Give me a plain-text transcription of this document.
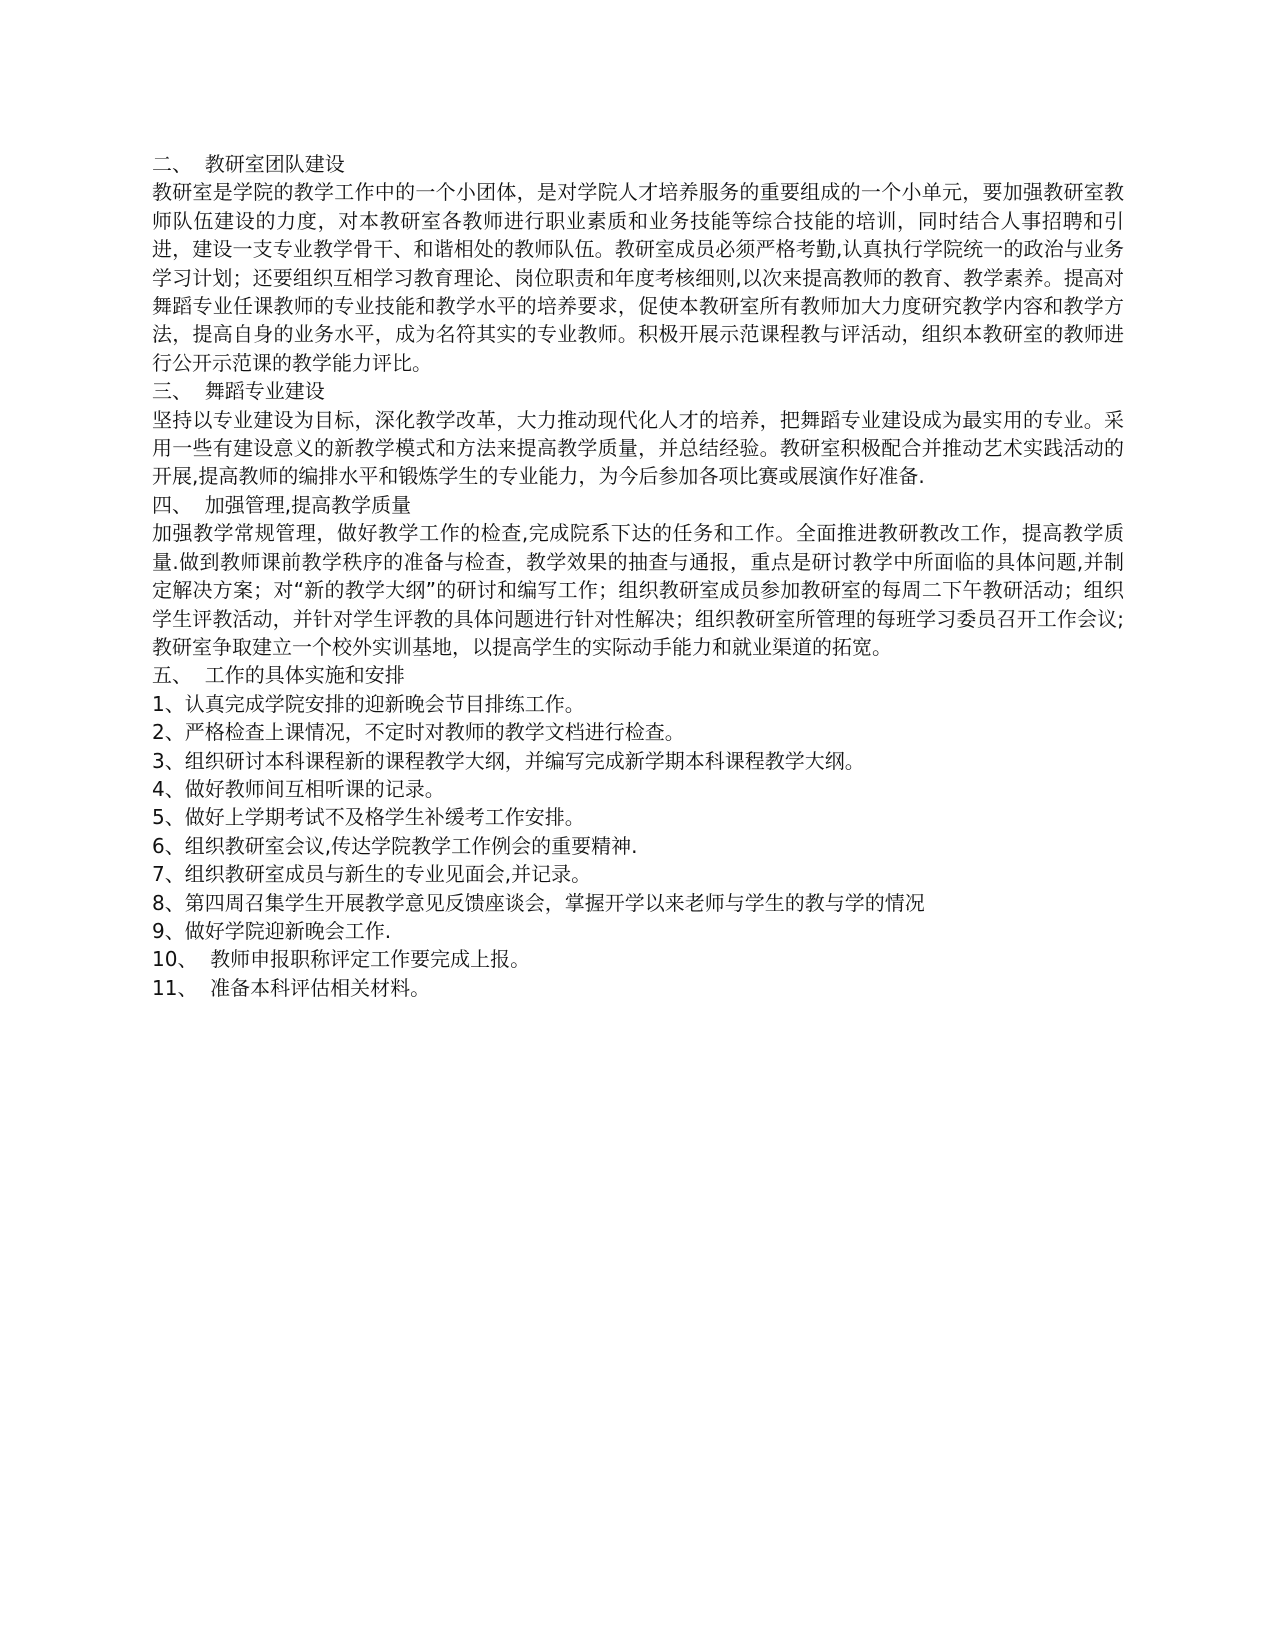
二、  教研室团队建设
教研室是学院的教学工作中的一个小团体，是对学院人才培养服务的重要组成的一个小单元，要加强教研室教师队伍建设的力度，对本教研室各教师进行职业素质和业务技能等综合技能的培训，同时结合人事招聘和引进，建设一支专业教学骨干、和谐相处的教师队伍。教研室成员必须严格考勤,认真执行学院统一的政治与业务学习计划；还要组织互相学习教育理论、岗位职责和年度考核细则,以次来提高教师的教育、教学素养。提高对舞蹈专业任课教师的专业技能和教学水平的培养要求，促使本教研室所有教师加大力度研究教学内容和教学方法，提高自身的业务水平，成为名符其实的专业教师。积极开展示范课程教与评活动，组织本教研室的教师进行公开示范课的教学能力评比。
三、  舞蹈专业建设
坚持以专业建设为目标，深化教学改革，大力推动现代化人才的培养，把舞蹈专业建设成为最实用的专业。采用一些有建设意义的新教学模式和方法来提高教学质量，并总结经验。教研室积极配合并推动艺术实践活动的开展,提高教师的编排水平和锻炼学生的专业能力，为今后参加各项比赛或展演作好准备.
四、  加强管理,提高教学质量
加强教学常规管理，做好教学工作的检查,完成院系下达的任务和工作。全面推进教研教改工作，提高教学质量.做到教师课前教学秩序的准备与检查，教学效果的抽查与通报，重点是研讨教学中所面临的具体问题,并制定解决方案；对“新的教学大纲”的研讨和编写工作；组织教研室成员参加教研室的每周二下午教研活动；组织学生评教活动，并针对学生评教的具体问题进行针对性解决；组织教研室所管理的每班学习委员召开工作会议;教研室争取建立一个校外实训基地，以提高学生的实际动手能力和就业渠道的拓宽。
五、  工作的具体实施和安排
1、认真完成学院安排的迎新晚会节目排练工作。
2、严格检查上课情况，不定时对教师的教学文档进行检查。
3、组织研讨本科课程新的课程教学大纲，并编写完成新学期本科课程教学大纲。
4、做好教师间互相听课的记录。
5、做好上学期考试不及格学生补缓考工作安排。
6、组织教研室会议,传达学院教学工作例会的重要精神.
7、组织教研室成员与新生的专业见面会,并记录。
8、第四周召集学生开展教学意见反馈座谈会，掌握开学以来老师与学生的教与学的情况
9、做好学院迎新晚会工作.
10、  教师申报职称评定工作要完成上报。
11、  准备本科评估相关材料。
